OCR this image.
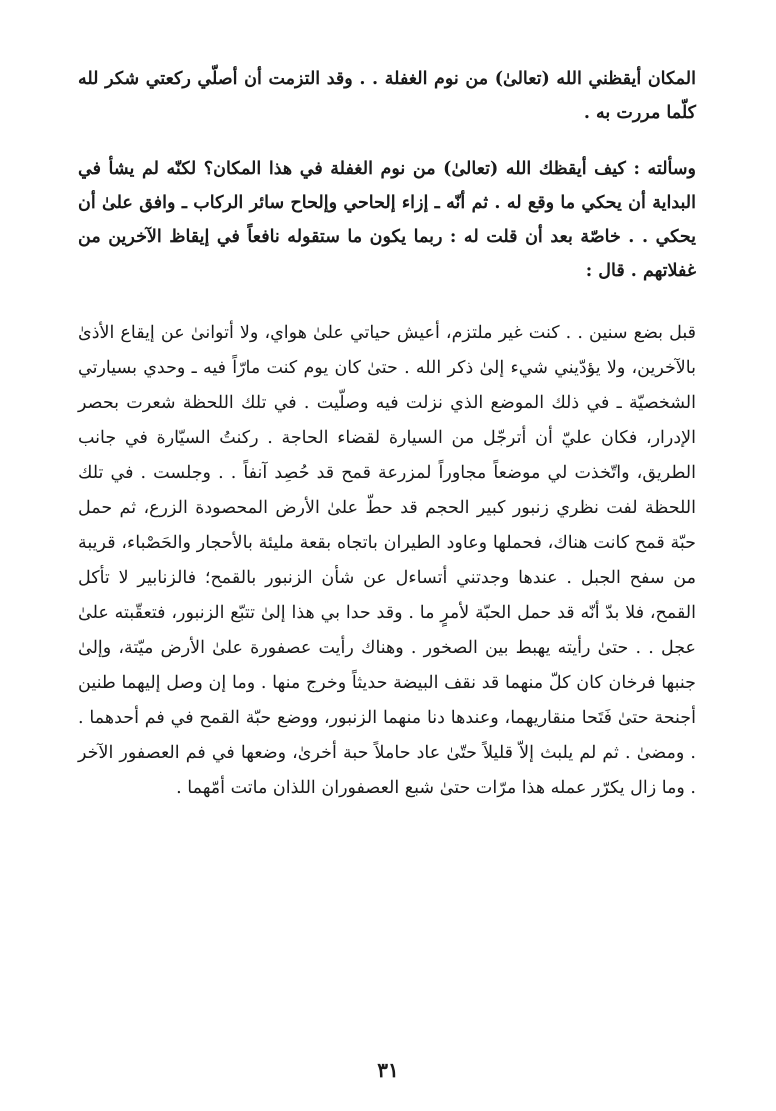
المكان أيقظني الله (تعالىٰ) من نوم الغفلة . . وقد التزمت أن أصلّي ركعتي شكر لله كلّما مررت به .

وسألته : كيف أيقظك الله (تعالىٰ) من نوم الغفلة في هذا المكان؟ لكنّه لم يشأ في البداية أن يحكي ما وقع له . ثم أنّه ـ إزاء إلحاحي وإلحاح سائر الركاب ـ وافق علىٰ أن يحكي . . خاصّة بعد أن قلت له : ربما يكون ما ستقوله نافعاً في إيقاظ الآخرين من غفلاتهم . قال :

قبل بضع سنين . . كنت غير ملتزم، أعيش حياتي علىٰ هواي، ولا أتوانىٰ عن إيقاع الأذىٰ بالآخرين، ولا يؤدّيني شيء إلىٰ ذكر الله . حتىٰ كان يوم كنت مارّاً فيه ـ وحدي بسيارتي الشخصيّة ـ في ذلك الموضع الذي نزلت فيه وصلّيت . في تلك اللحظة شعرت بحصر الإدرار، فكان عليّ أن أترجّل من السيارة لقضاء الحاجة . ركنتُ السيّارة في جانب الطريق، واتّخذت لي موضعاً مجاوراً لمزرعة قمح قد حُصِد آنفاً . . وجلست . في تلك اللحظة لفت نظري زنبور كبير الحجم قد حطّ علىٰ الأرض المحصودة الزرع، ثم حمل حبّة قمح كانت هناك، فحملها وعاود الطيران باتجاه بقعة مليئة بالأحجار والحَصْباء، قريبة من سفح الجبل . عندها وجدتني أتساءل عن شأن الزنبور بالقمح؛ فالزنابير لا تأكل القمح، فلا بدّ أنّه قد حمل الحبّة لأمرٍ ما . وقد حدا بي هذا إلىٰ تتبّع الزنبور، فتعقّبته علىٰ عجل . . حتىٰ رأيته يهبط بين الصخور . وهناك رأيت عصفورة علىٰ الأرض ميّتة، وإلىٰ جنبها فرخان كان كلّ منهما قد نقف البيضة حديثاً وخرج منها . وما إن وصل إليهما طنين أجنحة حتىٰ فَتَحا منقاريهما، وعندها دنا منهما الزنبور، ووضع حبّة القمح في فم أحدهما . . ومضىٰ . ثم لم يلبث إلاّ قليلاً حتّىٰ عاد حاملاً حبة أخرىٰ، وضعها في فم العصفور الآخر . وما زال يكرّر عمله هذا مرّات حتىٰ شبع العصفوران اللذان ماتت أمّهما .

٣١
